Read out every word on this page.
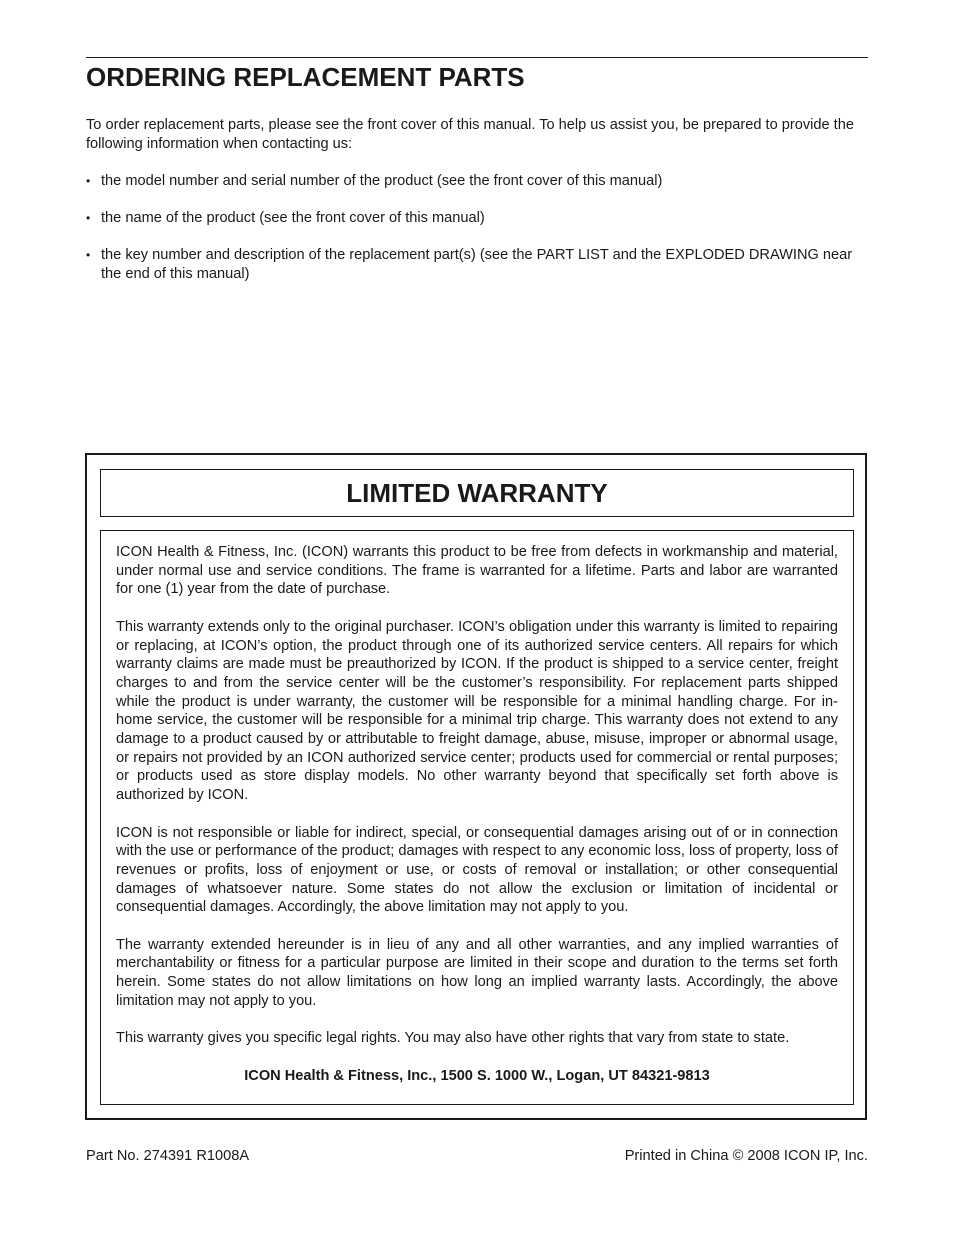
ORDERING REPLACEMENT PARTS

To order replacement parts, please see the front cover of this manual. To help us assist you, be prepared to provide the following information when contacting us:

• the model number and serial number of the product (see the front cover of this manual)
• the name of the product (see the front cover of this manual)
• the key number and description of the replacement part(s) (see the PART LIST and the EXPLODED DRAWING near the end of this manual)
LIMITED WARRANTY

ICON Health & Fitness, Inc. (ICON) warrants this product to be free from defects in workmanship and material, under normal use and service conditions. The frame is warranted for a lifetime. Parts and labor are warranted for one (1) year from the date of purchase.

This warranty extends only to the original purchaser. ICON’s obligation under this warranty is limited to repairing or replacing, at ICON’s option, the product through one of its authorized service centers. All repairs for which warranty claims are made must be preauthorized by ICON. If the product is shipped to a service center, freight charges to and from the service center will be the customer’s responsibility. For replacement parts shipped while the product is under warranty, the customer will be responsible for a minimal handling charge. For in-home service, the customer will be responsible for a minimal trip charge. This warranty does not extend to any damage to a product caused by or attributable to freight damage, abuse, misuse, improper or abnormal usage, or repairs not provided by an ICON authorized service center; products used for commercial or rental purposes; or products used as store display models. No other warranty beyond that specifically set forth above is authorized by ICON.

ICON is not responsible or liable for indirect, special, or consequential damages arising out of or in connection with the use or performance of the product; damages with respect to any economic loss, loss of property, loss of revenues or profits, loss of enjoyment or use, or costs of removal or installation; or other consequential damages of whatsoever nature. Some states do not allow the exclusion or limitation of incidental or consequential damages. Accordingly, the above limitation may not apply to you.

The warranty extended hereunder is in lieu of any and all other warranties, and any implied warranties of merchantability or fitness for a particular purpose are limited in their scope and duration to the terms set forth herein. Some states do not allow limitations on how long an implied warranty lasts. Accordingly, the above limitation may not apply to you.

This warranty gives you specific legal rights. You may also have other rights that vary from state to state.

ICON Health & Fitness, Inc., 1500 S. 1000 W., Logan, UT 84321-9813

Part No. 274391 R1008A	Printed in China © 2008 ICON IP, Inc.
